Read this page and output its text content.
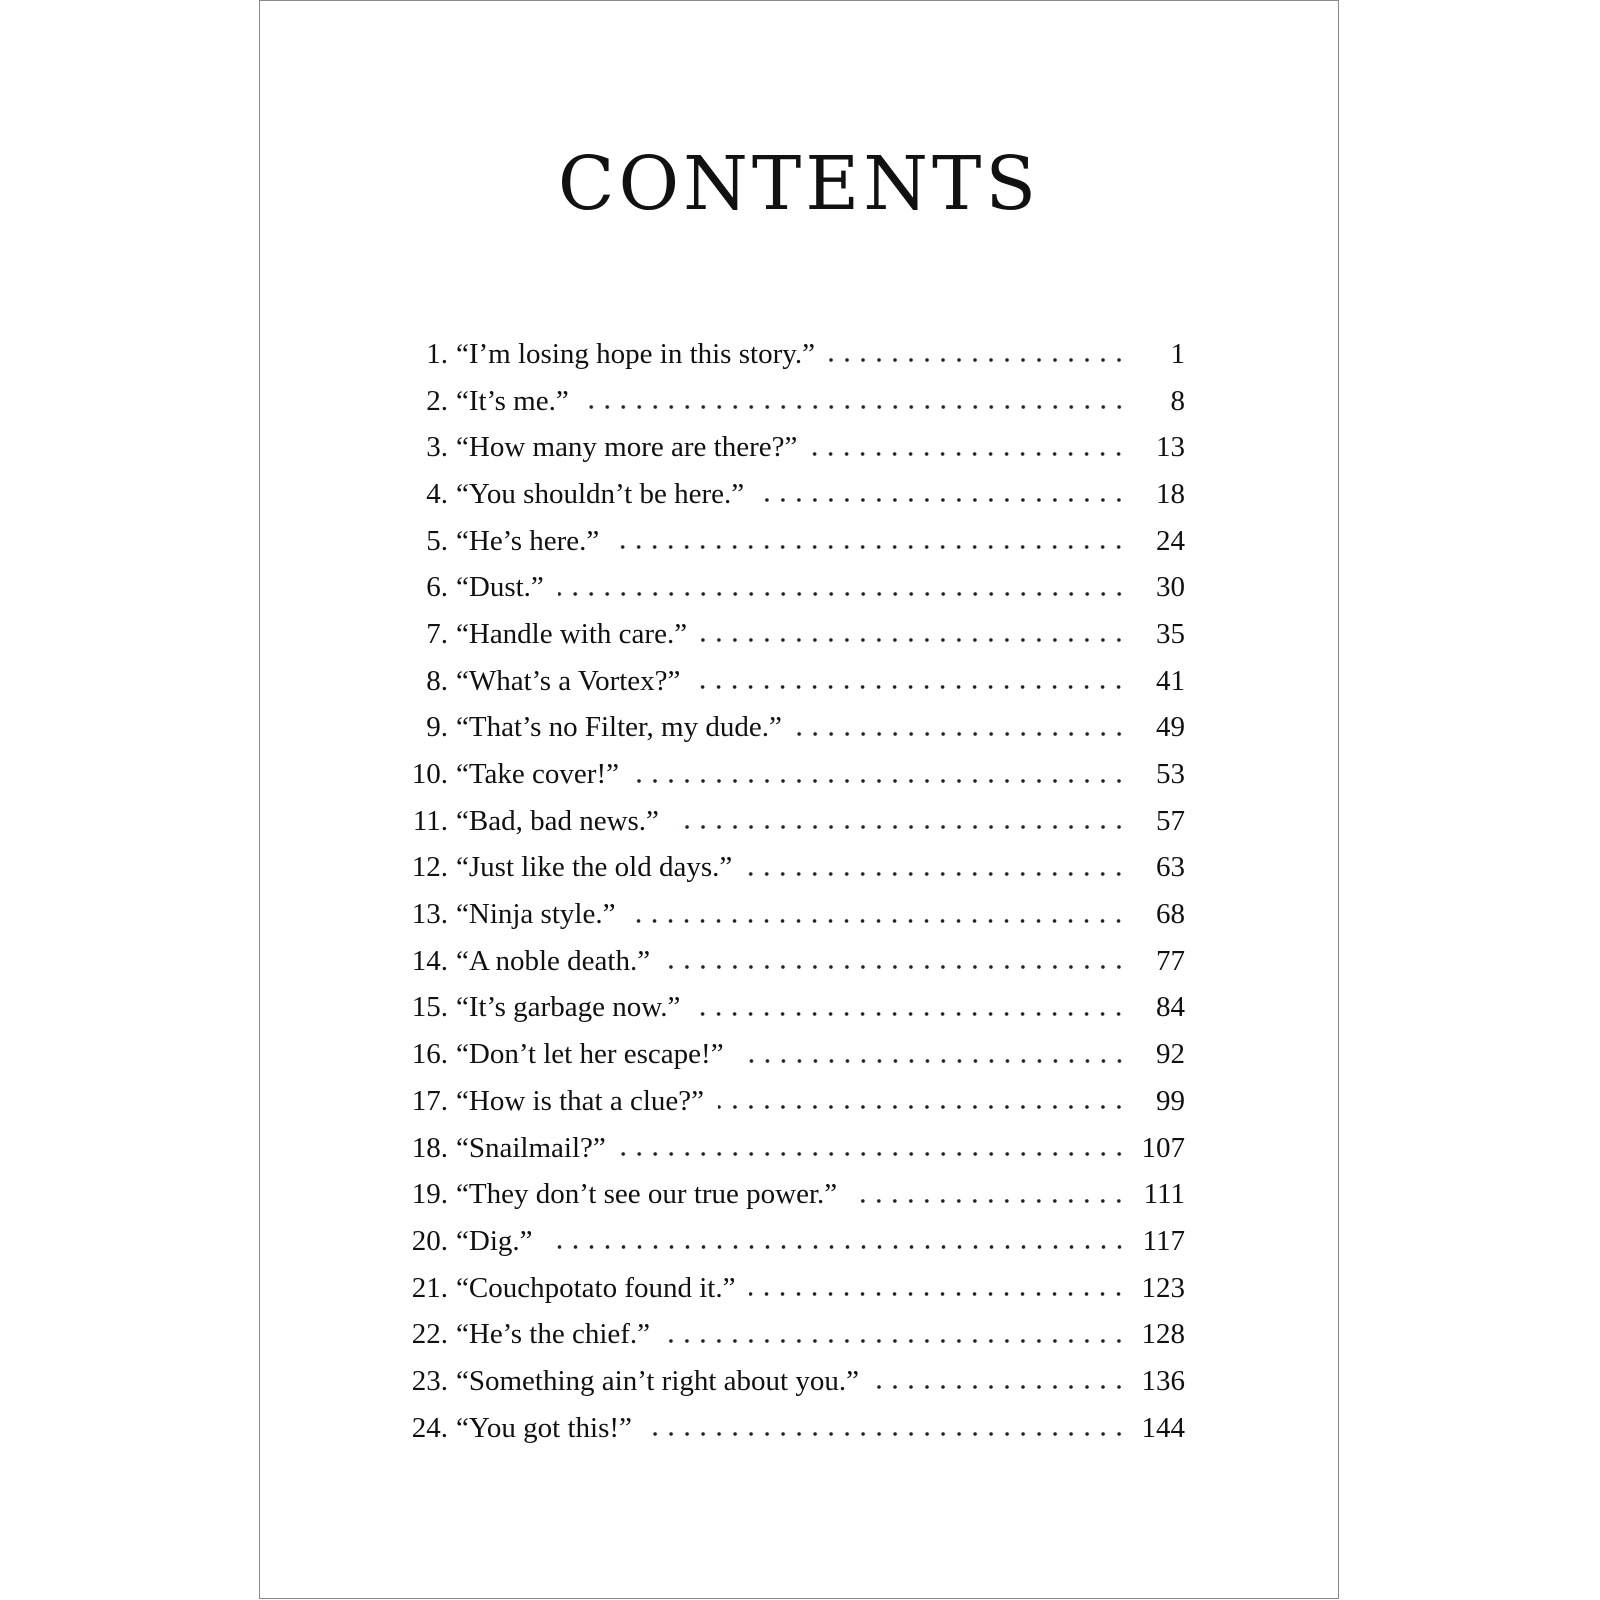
CONTENTS
1. “I’m losing hope in this story.”	1
2. “It’s me.”	8
3. “How many more are there?”	13
4. “You shouldn’t be here.”	18
5. “He’s here.”	24
6. “Dust.”	30
7. “Handle with care.”	35
8. “What’s a Vortex?”	41
9. “That’s no Filter, my dude.”	49
10. “Take cover!”	53
11. “Bad, bad news.”	57
12. “Just like the old days.”	63
13. “Ninja style.”	68
14. “A noble death.”	77
15. “It’s garbage now.”	84
16. “Don’t let her escape!”	92
17. “How is that a clue?”	99
18. “Snailmail?”	107
19. “They don’t see our true power.”	111
20. “Dig.”	117
21. “Couchpotato found it.”	123
22. “He’s the chief.”	128
23. “Something ain’t right about you.”	136
24. “You got this!”	144
